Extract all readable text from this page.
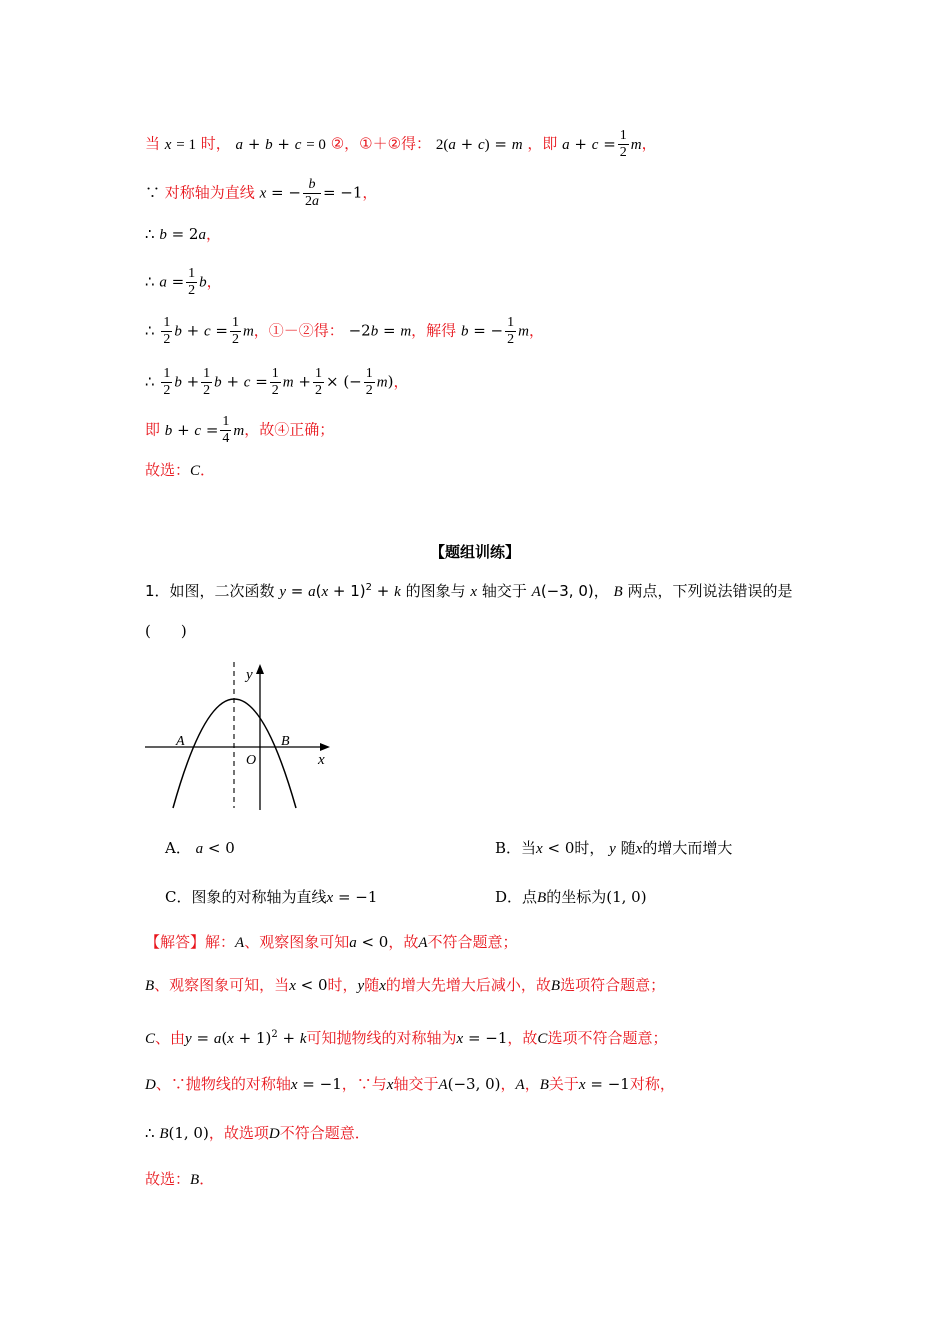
当 x = 1 时， a + b + c = 0 ②，①＋②得： 2(a + c) = m ，即 $a + c = \frac{1}{2}$ m，
∵ 对称轴为直线 x = − $\frac{b}{2a} = -1$，
∴ b = 2a，
∴ $a = \frac{1}{2}$ b，
∴ $\frac{1}{2}$ $b + c = \frac{1}{2}$ m，①－②得： −2b = m，解得 b = − $\frac{1}{2}$ m，
∴ $\frac{1}{2}$ $b + \frac{1}{2}$ $b + c = \frac{1}{2}$ $m + \frac{1}{2}$ × (− $\frac{1}{2} m$)，
即 $b + c = \frac{1}{4}$ m，故④正确；
故选：C．
【题组训练】
1．如图，二次函数 $y = a(x + 1)^2 + k$ 的图象与 x 轴交于 A(−3, 0)， B 两点，下列说法错误的是
(　　)
y
x
A	B
O
A． a < 0	B．当x < 0时， y 随x的增大而增大
C．图象的对称轴为直线x = −1	D．点B的坐标为(1, 0)
【解答】解：A、观察图象可知a < 0，故A不符合题意；
B、观察图象可知，当x < 0时，y随x的增大先增大后减小，故B选项符合题意；
C、由$y = a(x + 1)^2 + k$可知抛物线的对称轴为x = −1，故C选项不符合题意；
D、∵抛物线的对称轴x = −1，∵与x轴交于A(−3, 0)，A，B关于x = −1对称，
∴ B(1, 0)，故选项D不符合题意．
故选：B．
